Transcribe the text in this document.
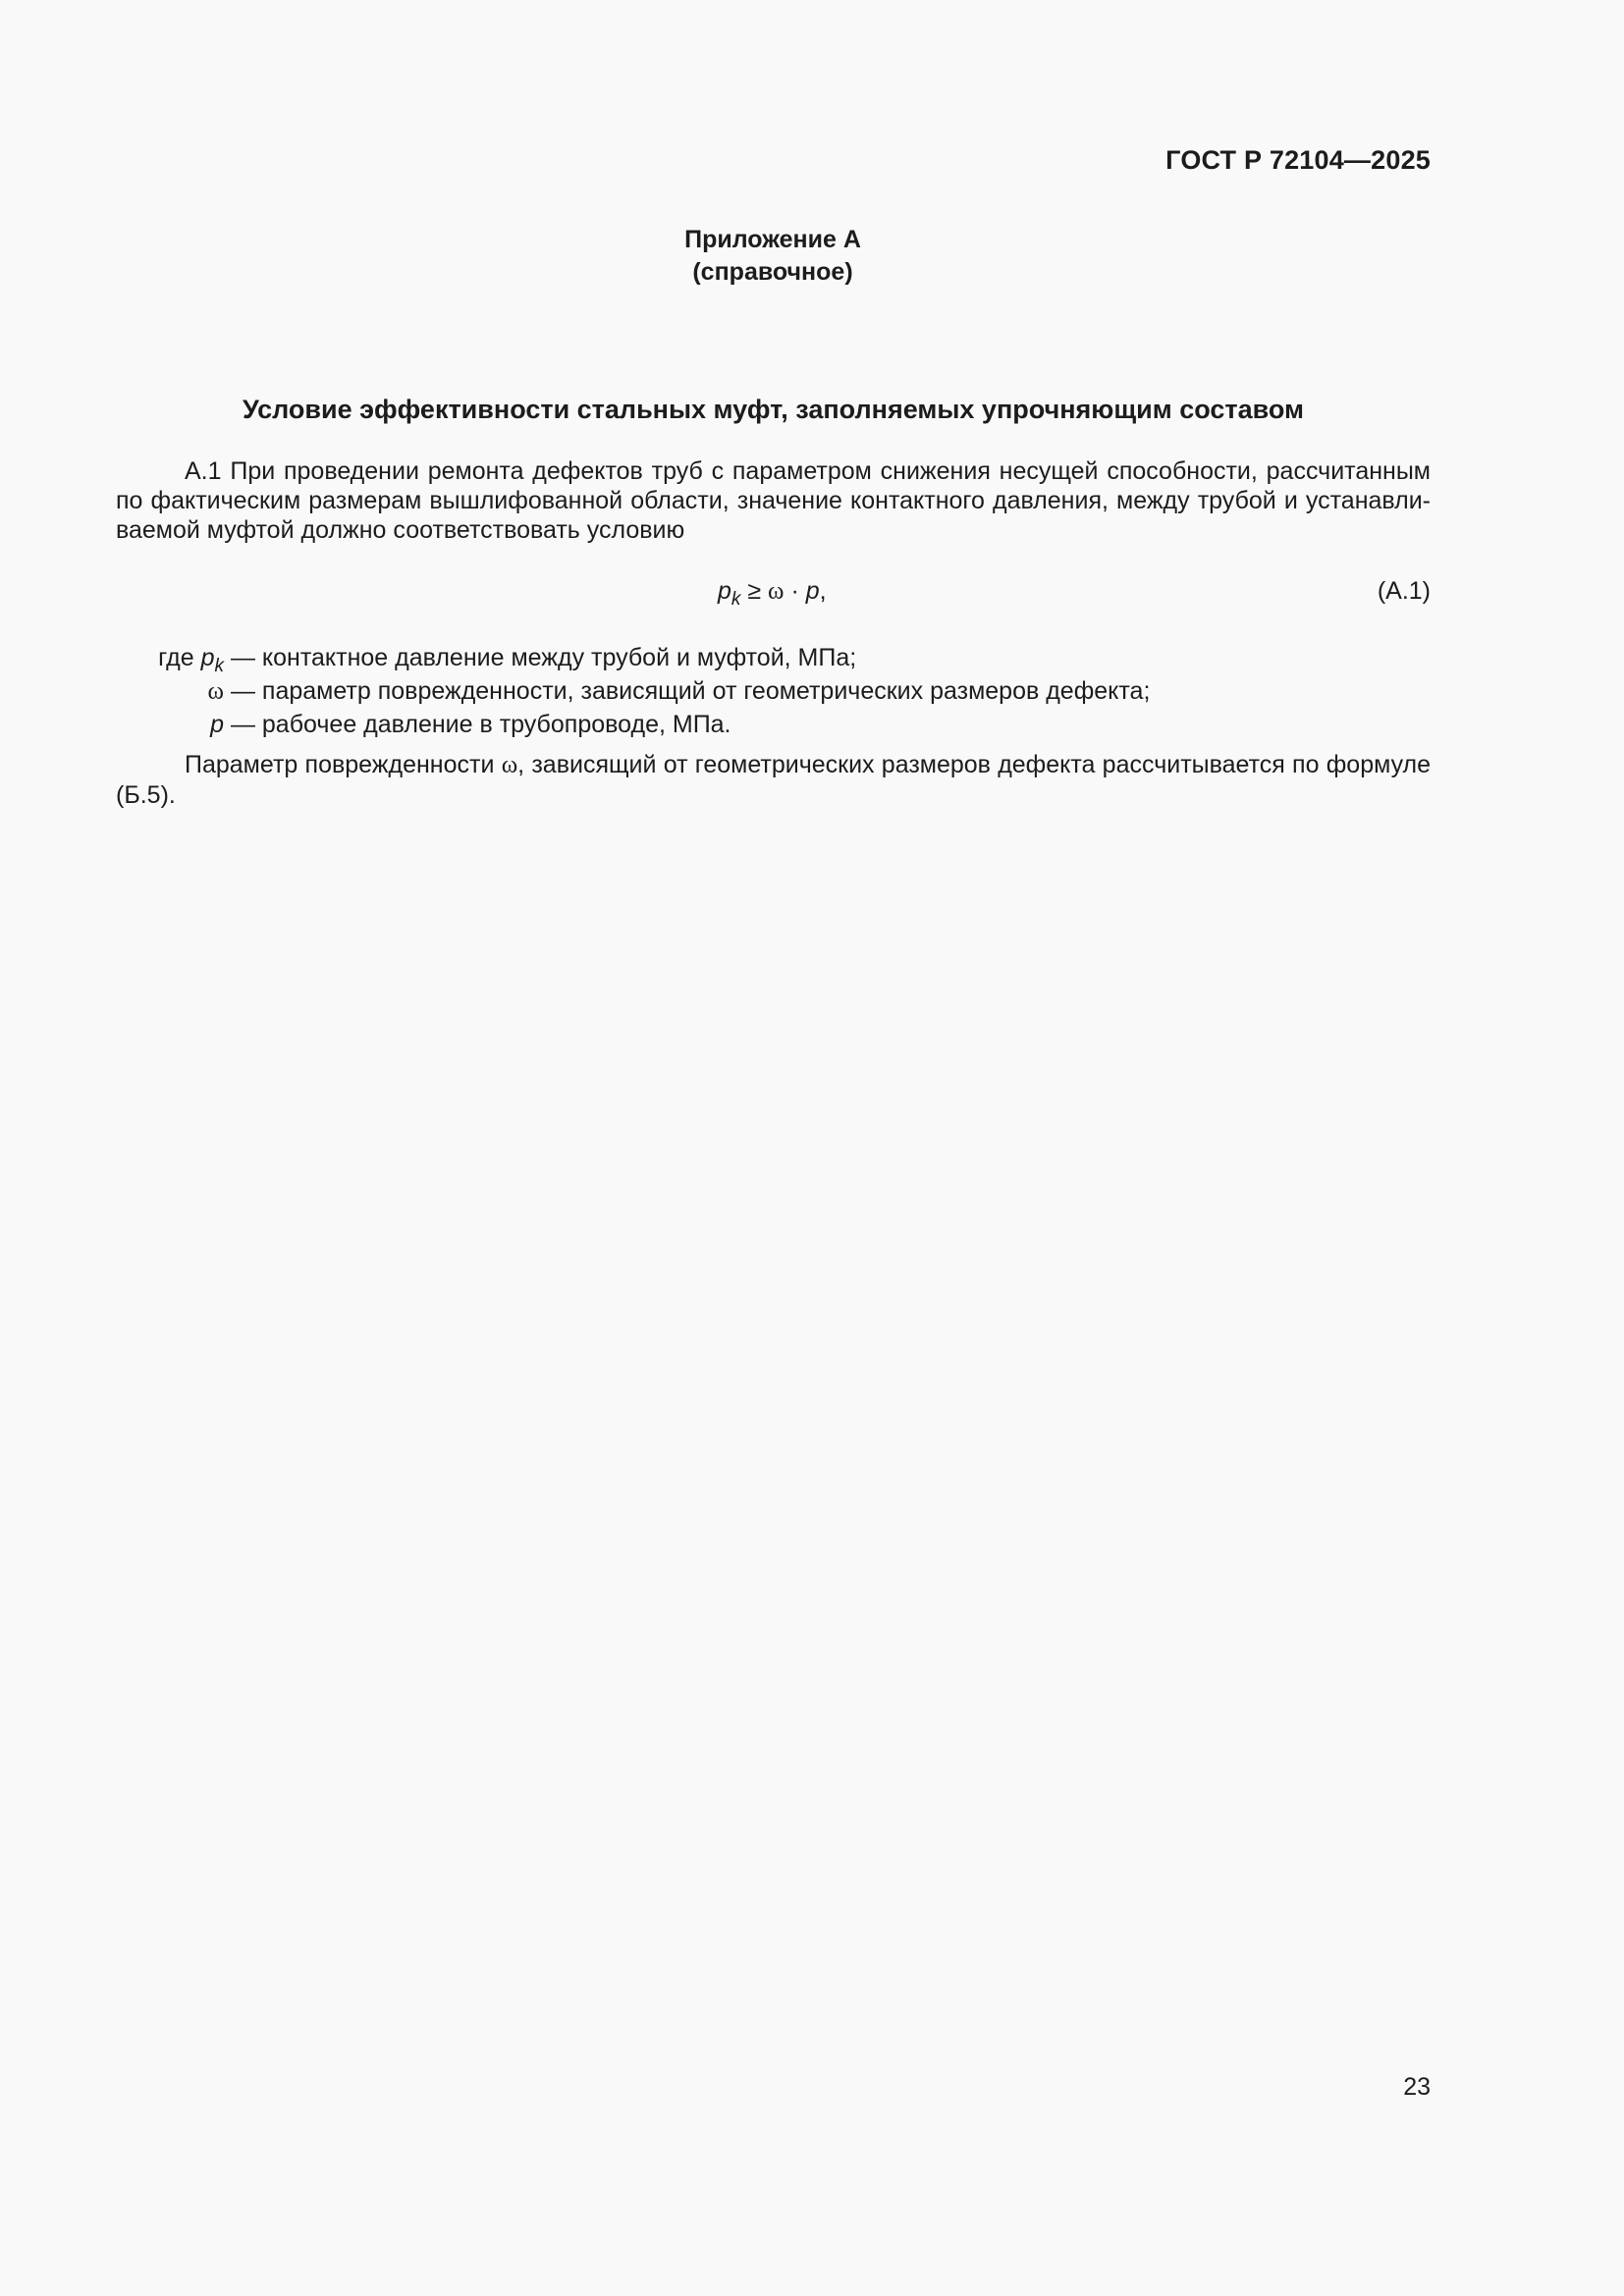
ГОСТ Р 72104—2025
Приложение А
(справочное)
Условие эффективности стальных муфт, заполняемых упрочняющим составом
А.1 При проведении ремонта дефектов труб с параметром снижения несущей способности, рассчитанным по фактическим размерам вышлифованной области, значение контактного давления, между трубой и устанавливаемой муфтой должно соответствовать условию
$p_k \ge \omega \cdot p$,	(А.1)
где $p_k$ — контактное давление между трубой и муфтой, МПа;
ω — параметр поврежденности, зависящий от геометрических размеров дефекта;
p — рабочее давление в трубопроводе, МПа.
Параметр поврежденности ω, зависящий от геометрических размеров дефекта рассчитывается по формуле (Б.5).
23
